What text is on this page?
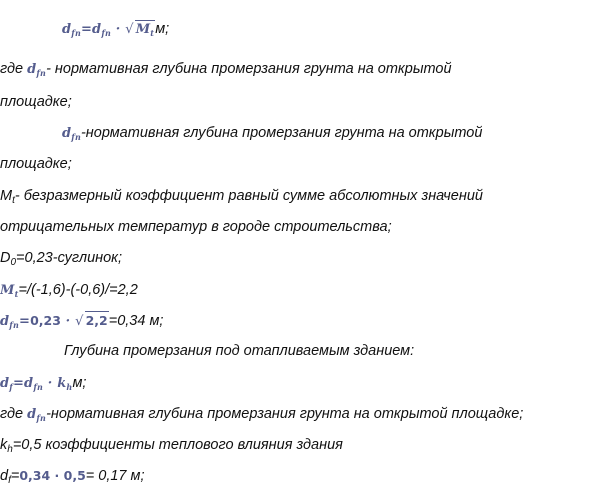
$d_{fn}=d_{fn}$ · √ $M_tм$;
где $d_{fn}-$ нормативная глубина промерзания грунта на открытой
площадке;
$d_{fn}$-нормативная глубина промерзания грунта на открытой
площадке;
$M_t-$ безразмерный коэффициент равный сумме абсолютных значений
отрицательных температур в городе строительства;
$D_0=0,23$-суглинок;
$M_t=/(-1,6)-(-0,6)/=2,2$
$d_{fn}=0,23$ · √ 2,2=0,34 м;
Глубина промерзания под отапливаемым зданием:
$d_f=d_{fn} \cdot k_hм$;
где $d_{fn}$-нормативная глубина промерзания грунта на открытой площадке;
$k_h=0,5$ коэффициенты теплового влияния здания
$d_f=0,34 \cdot 0,5= 0,17$ м;
